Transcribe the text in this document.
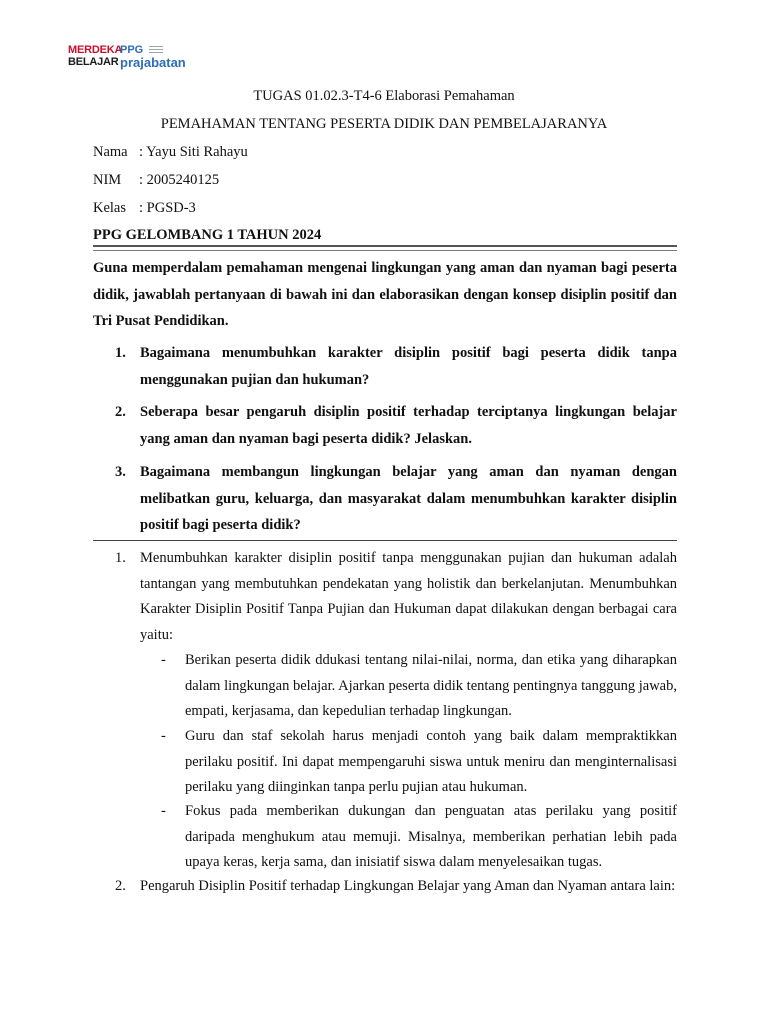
MERDEKA
BELAJAR
PPG
prajabatan
TUGAS 01.02.3-T4-6 Elaborasi Pemahaman
PEMAHAMAN TENTANG PESERTA DIDIK DAN PEMBELAJARANYA
Nama : Yayu Siti Rahayu
NIM : 2005240125
Kelas : PGSD-3
PPG GELOMBANG 1 TAHUN 2024
Guna memperdalam pemahaman mengenai lingkungan yang aman dan nyaman bagi peserta didik, jawablah pertanyaan di bawah ini dan elaborasikan dengan konsep disiplin positif dan Tri Pusat Pendidikan.
1. Bagaimana menumbuhkan karakter disiplin positif bagi peserta didik tanpa menggunakan pujian dan hukuman?
2. Seberapa besar pengaruh disiplin positif terhadap terciptanya lingkungan belajar yang aman dan nyaman bagi peserta didik? Jelaskan.
3. Bagaimana membangun lingkungan belajar yang aman dan nyaman dengan melibatkan guru, keluarga, dan masyarakat dalam menumbuhkan karakter disiplin positif bagi peserta didik?
1. Menumbuhkan karakter disiplin positif tanpa menggunakan pujian dan hukuman adalah tantangan yang membutuhkan pendekatan yang holistik dan berkelanjutan. Menumbuhkan Karakter Disiplin Positif Tanpa Pujian dan Hukuman dapat dilakukan dengan berbagai cara yaitu:
- Berikan peserta didik ddukasi tentang nilai-nilai, norma, dan etika yang diharapkan dalam lingkungan belajar. Ajarkan peserta didik tentang pentingnya tanggung jawab, empati, kerjasama, dan kepedulian terhadap lingkungan.
- Guru dan staf sekolah harus menjadi contoh yang baik dalam mempraktikkan perilaku positif. Ini dapat mempengaruhi siswa untuk meniru dan menginternalisasi perilaku yang diinginkan tanpa perlu pujian atau hukuman.
- Fokus pada memberikan dukungan dan penguatan atas perilaku yang positif daripada menghukum atau memuji. Misalnya, memberikan perhatian lebih pada upaya keras, kerja sama, dan inisiatif siswa dalam menyelesaikan tugas.
2. Pengaruh Disiplin Positif terhadap Lingkungan Belajar yang Aman dan Nyaman antara lain:
